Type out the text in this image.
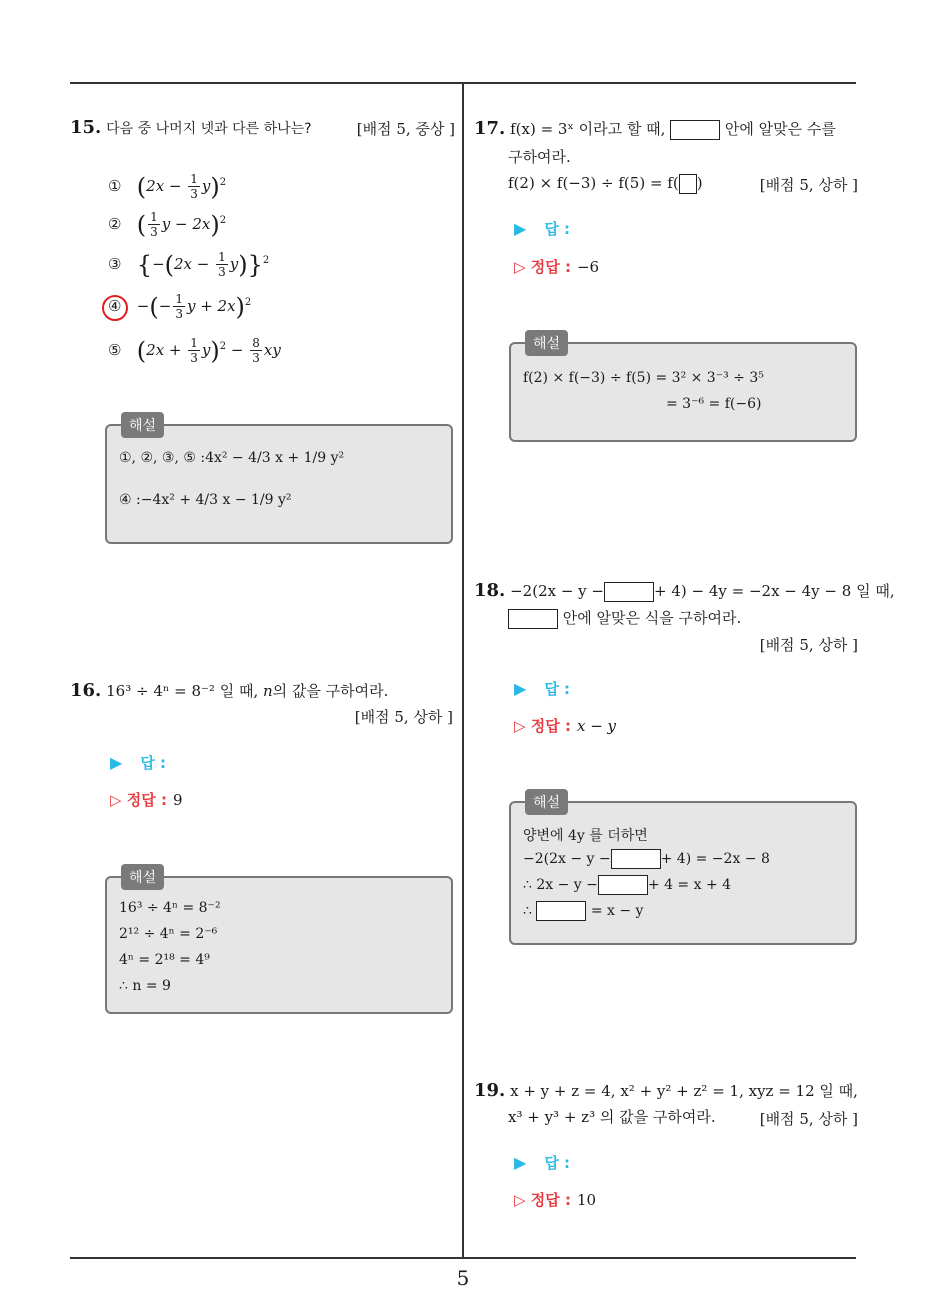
15. 다음 중 나머지 넷과 다른 하나는?	[배점 5, 중상 ]
① $(2x - \frac{1}{3} y)^2$
② ( $\frac{1}{3}$ y − 2x)$^2$
③ $\{-(2x - \frac{1}{3} y)\}^2$
④ −(− $\frac{1}{3}$ y + 2x)$^2$
⑤ $(2x + \frac{1}{3} y)^2 - \frac{8}{3}$ xy
해설
①, ②, ③, ⑤ :4x² − 4/3 x + 1/9 y²
④ :−4x² + 4/3 x − 1/9 y²
16. 16³ ÷ 4ⁿ = 8⁻² 일 때, n의 값을 구하여라.
[배점 5, 상하 ]
▶ 답 :
▷ 정답 : 9
해설
16³ ÷ 4ⁿ = 8⁻²
2¹² ÷ 4ⁿ = 2⁻⁶
4ⁿ = 2¹⁸ = 4⁹
∴ n = 9
17. f(x) = 3ˣ 이라고 할 때,	안에 알맞은 수를
구하여라.
f(2) × f(−3) ÷ f(5) = f( )	[배점 5, 상하 ]
▶ 답 :
▷ 정답 : −6
해설
f(2) × f(−3) ÷ f(5) = 3² × 3⁻³ ÷ 3⁵
= 3⁻⁶ = f(−6)
18. −2(2x − y −	+ 4) − 4y = −2x − 4y − 8 일 때,
안에 알맞은 식을 구하여라.
[배점 5, 상하 ]
▶ 답 :
▷ 정답 : x − y
해설
양변에 4y 를 더하면
−2(2x − y −	+ 4) = −2x − 8
∴ 2x − y −	+ 4 = x + 4
∴	= x − y
19. x + y + z = 4, x² + y² + z² = 1, xyz = 12 일 때,
x³ + y³ + z³ 의 값을 구하여라.	[배점 5, 상하 ]
▶ 답 :
▷ 정답 : 10
5
